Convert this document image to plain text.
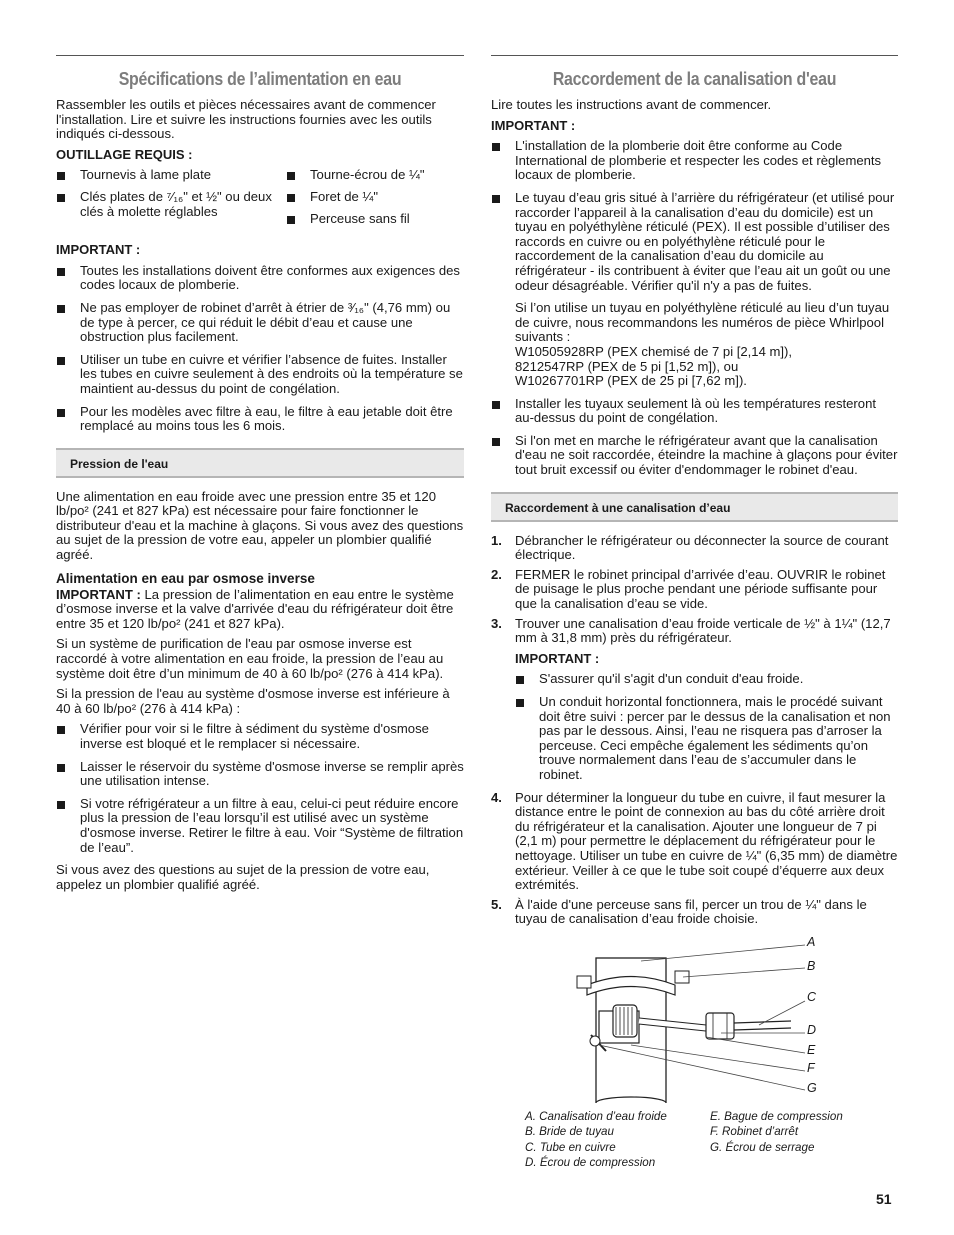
Spécifications de l’alimentation en eau

Rassembler les outils et pièces nécessaires avant de commencer l'installation. Lire et suivre les instructions fournies avec les outils indiqués ci-dessous.

OUTILLAGE REQUIS :
Tournevis à lame plate
Clés plates de ⁷⁄₁₆" et ½" ou deux clés à molette réglables
Tourne-écrou de ¼"
Foret de ¼"
Perceuse sans fil
IMPORTANT :
Toutes les installations doivent être conformes aux exigences des codes locaux de plomberie.
Ne pas employer de robinet d’arrêt à étrier de ³⁄₁₆" (4,76 mm) ou de type à percer, ce qui réduit le débit d’eau et cause une obstruction plus facilement.
Utiliser un tube en cuivre et vérifier l’absence de fuites. Installer les tubes en cuivre seulement à des endroits où la température se maintient au-dessus du point de congélation.
Pour les modèles avec filtre à eau, le filtre à eau jetable doit être remplacé au moins tous les 6 mois.
Pression de l'eau

Une alimentation en eau froide avec une pression entre 35 et 120 lb/po² (241 et 827 kPa) est nécessaire pour faire fonctionner le distributeur d'eau et la machine à glaçons. Si vous avez des questions au sujet de la pression de votre eau, appeler un plombier qualifié agréé.

Alimentation en eau par osmose inverse

IMPORTANT : La pression de l’alimentation en eau entre le système d’osmose inverse et la valve d'arrivée d'eau du réfrigérateur doit être entre 35 et 120 lb/po² (241 et 827 kPa).

Si un système de purification de l'eau par osmose inverse est raccordé à votre alimentation en eau froide, la pression de l’eau au système doit être d’un minimum de 40 à 60 lb/po² (276 à 414 kPa).

Si la pression de l'eau au système d'osmose inverse est inférieure à 40 à 60 lb/po² (276 à 414 kPa) :

Vérifier pour voir si le filtre à sédiment du système d'osmose inverse est bloqué et le remplacer si nécessaire.
Laisser le réservoir du système d'osmose inverse se remplir après une utilisation intense.
Si votre réfrigérateur a un filtre à eau, celui-ci peut réduire encore plus la pression de l’eau lorsqu’il est utilisé avec un système d'osmose inverse. Retirer le filtre à eau. Voir “Système de filtration de l’eau”.

Si vous avez des questions au sujet de la pression de votre eau, appelez un plombier qualifié agréé.

Raccordement de la canalisation d'eau

Lire toutes les instructions avant de commencer.

IMPORTANT :
L'installation de la plomberie doit être conforme au Code International de plomberie et respecter les codes et règlements locaux de plomberie.
Le tuyau d’eau gris situé à l’arrière du réfrigérateur (et utilisé pour raccorder l’appareil à la canalisation d’eau du domicile) est un tuyau en polyéthylène réticulé (PEX). Il est possible d’utiliser des raccords en cuivre ou en polyéthylène réticulé pour le raccordement de la canalisation d’eau du domicile au réfrigérateur - ils contribuent à éviter que l’eau ait un goût ou une odeur désagréable. Vérifier qu'il n'y a pas de fuites.
Si l’on utilise un tuyau en polyéthylène réticulé au lieu d’un tuyau de cuivre, nous recommandons les numéros de pièce Whirlpool suivants :
W10505928RP (PEX chemisé de 7 pi [2,14 m]),
8212547RP (PEX de 5 pi [1,52 m]), ou
W10267701RP (PEX de 25 pi [7,62 m]).
Installer les tuyaux seulement là où les températures resteront au-dessus du point de congélation.
Si l'on met en marche le réfrigérateur avant que la canalisation d'eau ne soit raccordée, éteindre la machine à glaçons pour éviter tout bruit excessif ou éviter d'endommager le robinet d'eau.
Raccordement à une canalisation d’eau
1. Débrancher le réfrigérateur ou déconnecter la source de courant électrique.
2. FERMER le robinet principal d’arrivée d’eau. OUVRIR le robinet de puisage le plus proche pendant une période suffisante pour que la canalisation d’eau se vide.
3. Trouver une canalisation d’eau froide verticale de ½" à 1¼" (12,7 mm à 31,8 mm) près du réfrigérateur.
IMPORTANT :
S'assurer qu'il s'agit d'un conduit d'eau froide.
Un conduit horizontal fonctionnera, mais le procédé suivant doit être suivi : percer par le dessus de la canalisation et non pas par le dessous. Ainsi, l’eau ne risquera pas d’arroser la perceuse. Ceci empêche également les sédiments qu’on trouve normalement dans l’eau de s’accumuler dans le robinet.
4. Pour déterminer la longueur du tube en cuivre, il faut mesurer la distance entre le point de connexion au bas du côté arrière droit du réfrigérateur et la canalisation. Ajouter une longueur de 7 pi (2,1 m) pour permettre le déplacement du réfrigérateur pour le nettoyage. Utiliser un tube en cuivre de ¼" (6,35 mm) de diamètre extérieur. Veiller à ce que le tube soit coupé d’équerre aux deux extrémités.
5. À l'aide d'une perceuse sans fil, percer un trou de ¼" dans le tuyau de canalisation d’eau froide choisie.
A
B
C
D
E
F
G
A. Canalisation d’eau froide
B. Bride de tuyau
C. Tube en cuivre
D. Écrou de compression
E. Bague de compression
F. Robinet d’arrêt
G. Écrou de serrage
51
